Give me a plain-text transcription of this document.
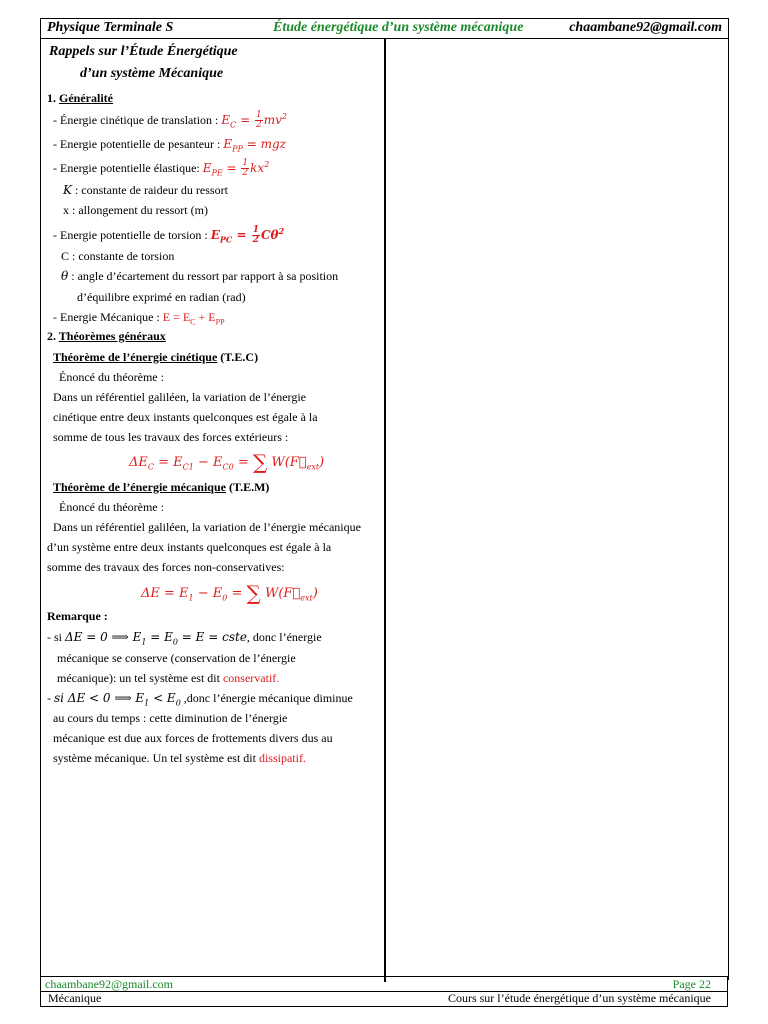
Physique Terminale S	Étude énergétique d’un système mécanique	chaambane92@gmail.com
Rappels sur l’Étude Énergétique
d’un système Mécanique
1. Généralité
- Énergie cinétique de translation : $E_C = \frac{1}{2} mv^2$
- Energie potentielle de pesanteur : $E_{PP}$ = mgz
- Energie potentielle élastique: $E_{PE} = \frac{1}{2} kx^2$
K : constante de raideur du ressort
x : allongement du ressort (m)
- Energie potentielle de torsion : $E_{PC} = \frac{1}{2} C\theta^2$
C : constante de torsion
θ : angle d’écartement du ressort par rapport à sa position
d’équilibre exprimé en radian (rad)
- Energie Mécanique : $E = E_C + E_{PP}$
2. Théorèmes généraux
Théorème de l’énergie cinétique (T.E.C)
Énoncé du théorème :
Dans un référentiel galiléen, la variation de l’énergie
cinétique entre deux instants quelconques est égale à la
somme de tous les travaux des forces extérieurs :
$\Delta E_C = E_{C1} - E_{C0}$ = ∑ $W(F⃗_{ext})$
Théorème de l’énergie mécanique (T.E.M)
Énoncé du théorème :
Dans un référentiel galiléen, la variation de l’énergie mécanique
d’un système entre deux instants quelconques est égale à la
somme des travaux des forces non-conservatives:
$\Delta E = E_1 - E_0$ = ∑ $W(F⃗_{ext})$
Remarque :
- si ΔE = 0 ⟹ $E_1 = E_0 = E$ = cste, donc l’énergie
mécanique se conserve (conservation de l’énergie
mécanique): un tel système est dit conservatif.
- si ΔE < 0 ⟹ $E_1 < E_0$ ,donc l’énergie mécanique diminue
au cours du temps : cette diminution de l’énergie
mécanique est due aux forces de frottements divers dus au
système mécanique. Un tel système est dit dissipatif.
chaambane92@gmail.com	Page 22
Mécanique	Cours sur l’étude énergétique d’un système mécanique
